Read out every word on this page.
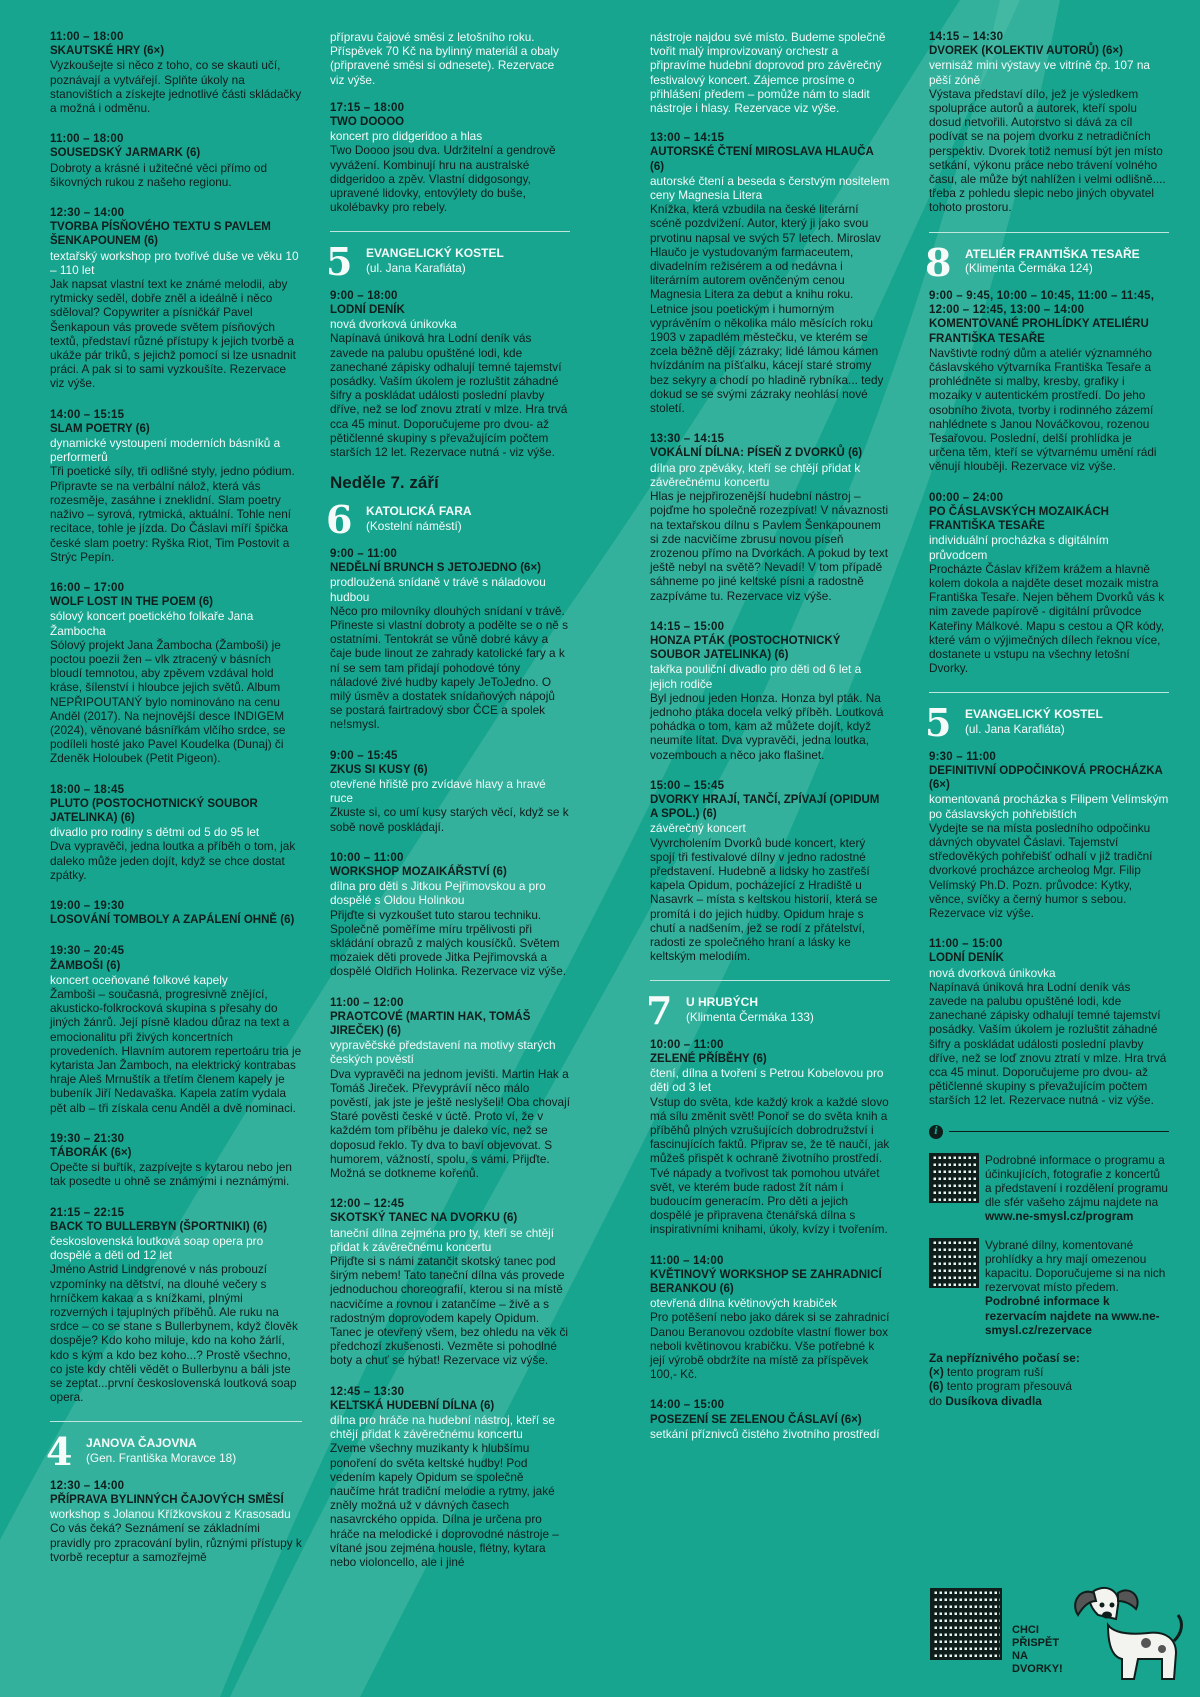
11:00 – 18:00
SKAUTSKÉ HRY (6×)
Vyzkoušejte si něco z toho, co se skauti učí, poznávají a vytvářejí. Splňte úkoly na stanovištích a získejte jednotlivé části skládačky a možná i odměnu.
11:00 – 18:00
SOUSEDSKÝ JARMARK (6)
Dobroty a krásné i užitečné věci přímo od šikovných rukou z našeho regionu.
12:30 – 14:00
TVORBA PÍSŇOVÉHO TEXTU S PAVLEM ŠENKAPOUNEM (6)
textařský workshop pro tvořivé duše ve věku 10 – 110 let
Jak napsat vlastní text ke známé melodii, aby rytmicky seděl, dobře zněl a ideálně i něco sděloval? Copywriter a písničkář Pavel Šenkapoun vás provede světem písňových textů, představí různé přístupy k jejich tvorbě a ukáže pár triků, s jejichž pomocí si lze usnadnit práci. A pak si to sami vyzkoušíte. Rezervace viz výše.
14:00 – 15:15
SLAM POETRY (6)
dynamické vystoupení moderních básníků a performerů
Tři poetické síly, tři odlišné styly, jedno pódium. Připravte se na verbální nálož, která vás rozesměje, zasáhne i zneklidní. Slam poetry naživo – syrová, rytmická, aktuální. Tohle není recitace, tohle je jízda. Do Čáslavi míří špička české slam poetry: Ryška Riot, Tim Postovit a Strýc Pepín.
16:00 – 17:00
WOLF LOST IN THE POEM (6)
sólový koncert poetického folkaře Jana Žambocha
Sólový projekt Jana Žambocha (Žamboši) je poctou poezii žen – vlk ztracený v básních bloudí temnotou, aby zpěvem vzdával hold kráse, šílenství i hloubce jejich světů. Album NEPŘIPOUTANÝ bylo nominováno na cenu Anděl (2017). Na nejnovější desce INDIGEM (2024), věnované básnířkám vlčího srdce, se podíleli hosté jako Pavel Koudelka (Dunaj) či Zdeněk Holoubek (Petit Pigeon).
18:00 – 18:45
PLUTO (POSTOCHOTNICKÝ SOUBOR JATELINKA) (6)
divadlo pro rodiny s dětmi od 5 do 95 let
Dva vypravěči, jedna loutka a příběh o tom, jak daleko může jeden dojít, když se chce dostat zpátky.
19:00 – 19:30
LOSOVÁNÍ TOMBOLY A ZAPÁLENÍ OHNĚ (6)
19:30 – 20:45
ŽAMBOŠI (6)
koncert oceňované folkové kapely
Žamboši – současná, progresivně znějící, akusticko-folkrocková skupina s přesahy do jiných žánrů. Její písně kladou důraz na text a emocionalitu při živých koncertních provedeních. Hlavním autorem repertoáru tria je kytarista Jan Žamboch, na elektrický kontrabas hraje Aleš Mrnuštík a třetím členem kapely je bubeník Jiří Nedavaška. Kapela zatím vydala pět alb – tři získala cenu Anděl a dvě nominaci.
19:30 – 21:30
TÁBORÁK (6×)
Opečte si buřtík, zazpívejte s kytarou nebo jen tak posedte u ohně se známými i neznámými.
21:15 – 22:15
BACK TO BULLERBYN (ŠPORTNIKI) (6)
československá loutková soap opera pro dospělé a děti od 12 let
Jméno Astrid Lindgrenové v nás probouzí vzpomínky na dětství, na dlouhé večery s hrníčkem kakaa a s knížkami, plnými rozverných i tajuplných příběhů. Ale ruku na srdce – co se stane s Bullerbynem, když člověk dospěje? Kdo koho miluje, kdo na koho žárlí, kdo s kým a kdo bez koho...? Prostě všechno, co jste kdy chtěli vědět o Bullerbynu a báli jste se zeptat...první československá loutková soap opera.
4 JANOVA ČAJOVNA
(Gen. Františka Moravce 18)
12:30 – 14:00
PŘÍPRAVA BYLINNÝCH ČAJOVÝCH SMĚSÍ
workshop s Jolanou Křížkovskou z Krasosadu
Co vás čeká? Seznámení se základními pravidly pro zpracování bylin, různými přístupy k tvorbě receptur a samozřejmě
přípravu čajové směsi z letošního roku. Příspěvek 70 Kč na bylinný materiál a obaly (připravené směsi si odnesete). Rezervace viz výše.
17:15 – 18:00
TWO DOOOO
koncert pro didgeridoo a hlas
Two Doooo jsou dva. Udržitelní a gendrově vyvážení. Kombinují hru na australské didgeridoo a zpěv. Vlastní didgosongy, upravené lidovky, entovýlety do buše, ukolébavky pro rebely.
5 EVANGELICKÝ KOSTEL
(ul. Jana Karafiáta)
9:00 – 18:00
LODNÍ DENÍK
nová dvorková únikovka
Napínavá úniková hra Lodní deník vás zavede na palubu opuštěné lodi, kde zanechané zápisky odhalují temné tajemství posádky. Vaším úkolem je rozluštit záhadné šifry a poskládat události poslední plavby dříve, než se loď znovu ztratí v mlze. Hra trvá cca 45 minut. Doporučujeme pro dvou- až pětičlenné skupiny s převažujícím počtem starších 12 let. Rezervace nutná - viz výše.
Neděle 7. září
6 KATOLICKÁ FARA
(Kostelní náměstí)
9:00 – 11:00
NEDĚLNÍ BRUNCH S JETOJEDNO (6×)
prodloužená snídaně v trávě s náladovou hudbou
Něco pro milovníky dlouhých snídaní v trávě. Přineste si vlastní dobroty a podělte se o ně s ostatními. Tentokrát se vůně dobré kávy a čaje bude linout ze zahrady katolické fary a k ní se sem tam přidají pohodové tóny náladové živé hudby kapely JeToJedno. O milý úsměv a dostatek snídaňových nápojů se postará fairtradový sbor ČCE a spolek ne!smysl.
9:00 – 15:45
ZKUS SI KUSY (6)
otevřené hřiště pro zvídavé hlavy a hravé ruce
Zkuste si, co umí kusy starých věcí, když se k sobě nově poskládají.
10:00 – 11:00
WORKSHOP MOZAIKÁŘSTVÍ (6)
dílna pro děti s Jitkou Pejřimovskou a pro dospělé s Oldou Holinkou
Přijďte si vyzkoušet tuto starou techniku. Společně poměříme míru trpělivosti při skládání obrazů z malých kousíčků. Světem mozaiek děti provede Jitka Pejřimovská a dospělé Oldřich Holinka. Rezervace viz výše.
11:00 – 12:00
PRAOTCOVÉ (MARTIN HAK, TOMÁŠ JIREČEK) (6)
vypravěčské představení na motivy starých českých pověstí
Dva vypravěči na jednom jevišti. Martin Hak a Tomáš Jireček. Převyprávíí něco málo pověstí, jak jste je ještě neslyšeli! Oba chovají Staré pověsti české v úctě. Proto ví, že v každém tom příběhu je daleko víc, než se doposud řeklo. Ty dva to baví objevovat. S humorem, vážností, spolu, s vámi. Přijďte. Možná se dotkneme kořenů.
12:00 – 12:45
SKOTSKÝ TANEC NA DVORKU (6)
taneční dílna zejména pro ty, kteří se chtějí přidat k závěrečnému koncertu
Přijďte si s námi zatančit skotský tanec pod širým nebem! Tato taneční dílna vás provede jednoduchou choreografií, kterou si na místě nacvičíme a rovnou i zatančíme – živě a s radostným doprovodem kapely Opidum. Tanec je otevřený všem, bez ohledu na věk či předchozí zkušenosti. Vezměte si pohodlné boty a chuť se hýbat! Rezervace viz výše.
12:45 – 13:30
KELTSKÁ HUDEBNÍ DÍLNA (6)
dílna pro hráče na hudební nástroj, kteří se chtějí přidat k závěrečnému koncertu
Zveme všechny muzikanty k hlubšímu ponoření do světa keltské hudby! Pod vedením kapely Opidum se společně naučíme hrát tradiční melodie a rytmy, jaké zněly možná už v dávných časech nasavrckého oppida. Dílna je určena pro hráče na melodické i doprovodné nástroje – vítané jsou zejména housle, flétny, kytara nebo violoncello, ale i jiné
nástroje najdou své místo. Budeme společně tvořit malý improvizovaný orchestr a připravíme hudební doprovod pro závěrečný festivalový koncert. Zájemce prosíme o přihlášení předem – pomůže nám to sladit nástroje i hlasy. Rezervace viz výše.
13:00 – 14:15
AUTORSKÉ ČTENÍ MIROSLAVA HLAUČA (6)
autorské čtení a beseda s čerstvým nositelem ceny Magnesia Litera
Knížka, která vzbudila na české literární scéně pozdvižení. Autor, který ji jako svou prvotinu napsal ve svých 57 letech. Miroslav Hlaučo je vystudovaným farmaceutem, divadelním režisérem a od nedávna i literárním autorem ověnčeným cenou Magnesia Litera za debut a knihu roku. Letnice jsou poetickým i humorným vyprávěním o několika málo měsících roku 1903 v zapadlém městečku, ve kterém se zcela běžně dějí zázraky; lidé lámou kámen hvízdáním na píšťalku, kácejí staré stromy bez sekyry a chodí po hladině rybníka... tedy dokud se se svými zázraky neohlásí nové století.
13:30 – 14:15
VOKÁLNÍ DÍLNA: PÍSEŇ Z DVORKŮ (6)
dílna pro zpěváky, kteří se chtějí přidat k závěrečnému koncertu
Hlas je nejpřirozenější hudební nástroj – pojďme ho společně rozezpívat! V návaznosti na textařskou dílnu s Pavlem Šenkapounem si zde nacvičíme zbrusu novou píseň zrozenou přímo na Dvorkách. A pokud by text ještě nebyl na světě? Nevadí! V tom případě sáhneme po jiné keltské písni a radostně zazpíváme tu. Rezervace viz výše.
14:15 – 15:00
HONZA PTÁK (POSTOCHOTNICKÝ SOUBOR JATELINKA) (6)
takřka pouliční divadlo pro děti od 6 let a jejich rodiče
Byl jednou jeden Honza. Honza byl pták. Na jednoho ptáka docela velký příběh. Loutková pohádka o tom, kam až můžete dojít, když neumíte lítat. Dva vypravěči, jedna loutka, vozembouch a něco jako flašinet.
15:00 – 15:45
DVORKY HRAJÍ, TANČÍ, ZPÍVAJÍ (OPIDUM A SPOL.) (6)
závěrečný koncert
Vyvrcholením Dvorků bude koncert, který spojí tři festivalové dílny v jedno radostné představení. Hudebně a lidsky ho zastřeší kapela Opidum, pocházející z Hradiště u Nasavrk – místa s keltskou historií, která se promítá i do jejich hudby. Opidum hraje s chutí a nadšením, jež se rodí z přátelství, radosti ze společného hraní a lásky ke keltským melodiím.
7 U HRUBÝCH
(Klimenta Čermáka 133)
10:00 – 11:00
ZELENÉ PŘÍBĚHY (6)
čtení, dílna a tvoření s Petrou Kobelovou pro děti od 3 let
Vstup do světa, kde každý krok a každé slovo má sílu změnit svět! Ponoř se do světa knih a příběhů plných vzrušujících dobrodružství i fascinujících faktů. Připrav se, že tě naučí, jak můžeš přispět k ochraně životního prostředí. Tvé nápady a tvořivost tak pomohou utvářet svět, ve kterém bude radost žít nám i budoucím generacím. Pro děti a jejich dospělé je připravena čtenářská dílna s inspirativními knihami, úkoly, kvízy i tvořením.
11:00 – 14:00
KVĚTINOVÝ WORKSHOP SE ZAHRADNICÍ BERANKOU (6)
otevřená dílna květinových krabiček
Pro potěšení nebo jako dárek si se zahradnicí Danou Beranovou ozdobíte vlastní flower box neboli květinovou krabičku. Vše potřebné k její výrobě obdržíte na místě za příspěvek 100,- Kč.
14:00 – 15:00
POSEZENÍ SE ZELENOU ČÁSLAVÍ (6×)
setkání příznivců čistého životního prostředí
14:15 – 14:30
DVOREK (KOLEKTIV AUTORŮ) (6×)
vernisáž mini výstavy ve vitríně čp. 107 na pěší zóně
Výstava představí dílo, jež je výsledkem spolupráce autorů a autorek, kteří spolu dosud netvořili. Autorstvo si dává za cíl podívat se na pojem dvorku z netradičních perspektiv. Dvorek totiž nemusí být jen místo setkání, výkonu práce nebo trávení volného času, ale může být nahlížen i velmi odlišně.... třeba z pohledu slepic nebo jiných obyvatel tohoto prostoru.
8 ATELIÉR FRANTIŠKA TESAŘE
(Klimenta Čermáka 124)
9:00 – 9:45, 10:00 – 10:45, 11:00 – 11:45, 12:00 – 12:45, 13:00 – 14:00
KOMENTOVANÉ PROHLÍDKY ATELIÉRU FRANTIŠKA TESAŘE
Navštivte rodný dům a ateliér významného čáslavského výtvarníka Františka Tesaře a prohlédněte si malby, kresby, grafiky i mozaiky v autentickém prostředí. Do jeho osobního života, tvorby i rodinného zázemí nahlédnete s Janou Nováčkovou, rozenou Tesařovou. Poslední, delší prohlídka je určena těm, kteří se výtvarnému umění rádi věnují hlouběji. Rezervace viz výše.
00:00 – 24:00
PO ČÁSLAVSKÝCH MOZAIKÁCH FRANTIŠKA TESAŘE
individuální procházka s digitálním průvodcem
Procházte Čáslav křížem krážem a hlavně kolem dokola a najděte deset mozaik mistra Františka Tesaře. Nejen během Dvorků vás k nim zavede papírově - digitální průvodce Kateřiny Málkové. Mapu s cestou a QR kódy, které vám o výjimečných dílech řeknou více, dostanete u vstupu na všechny letošní Dvorky.
5 EVANGELICKÝ KOSTEL
(ul. Jana Karafiáta)
9:30 – 11:00
DEFINITIVNÍ ODPOČINKOVÁ PROCHÁZKA (6×)
komentovaná procházka s Filipem Velímským po čáslavských pohřebištích
Vydejte se na místa posledního odpočinku dávných obyvatel Čáslavi. Tajemství středověkých pohřebišť odhalí v již tradiční dvorkové procházce archeolog Mgr. Filip Velímský Ph.D. Pozn. průvodce: Kytky, věnce, svíčky a černý humor s sebou. Rezervace viz výše.
11:00 – 15:00
LODNÍ DENÍK
nová dvorková únikovka
Napínavá úniková hra Lodní deník vás zavede na palubu opuštěné lodi, kde zanechané zápisky odhalují temné tajemství posádky. Vaším úkolem je rozluštit záhadné šifry a poskládat události poslední plavby dříve, než se loď znovu ztratí v mlze. Hra trvá cca 45 minut. Doporučujeme pro dvou- až pětičlenné skupiny s převažujícím počtem starších 12 let. Rezervace nutná - viz výše.
i
Podrobné informace o programu a účinkujících, fotografie z koncertů a představení i rozdělení programu dle sfér vašeho zájmu najdete na www.ne-smysl.cz/program
Vybrané dílny, komentované prohlídky a hry mají omezenou kapacitu. Doporučujeme si na nich rezervovat místo předem. Podrobné informace k rezervacím najdete na www.ne-smysl.cz/rezervace
Za nepříznivého počasí se:
(×) tento program ruší
(6) tento program přesouvá
do Dusíkova divadla
CHCI PŘISPĚT NA DVORKY!
